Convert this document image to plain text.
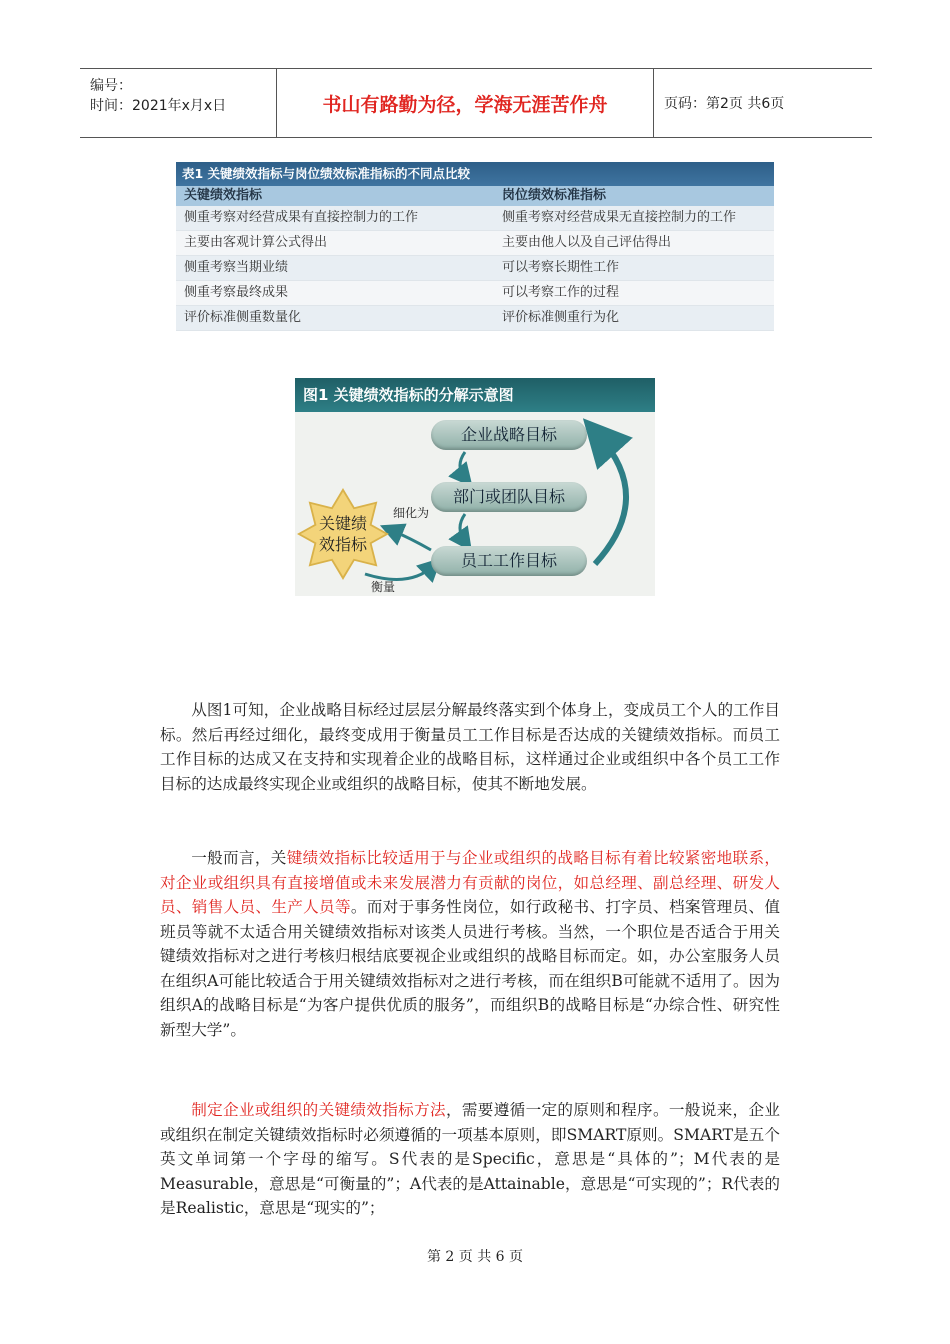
编号：
时间：2021年x月x日	书山有路勤为径，学海无涯苦作舟	页码：第2页 共6页
表1 关键绩效指标与岗位绩效标准指标的不同点比较
关键绩效指标	岗位绩效标准指标
侧重考察对经营成果有直接控制力的工作	侧重考察对经营成果无直接控制力的工作
主要由客观计算公式得出	主要由他人以及自己评估得出
侧重考察当期业绩	可以考察长期性工作
侧重考察最终成果	可以考察工作的过程
评价标准侧重数量化	评价标准侧重行为化
图1 关键绩效指标的分解示意图
企业战略目标
部门或团队目标
员工工作目标
关键绩
效指标
细化为
衡量

从图1可知，企业战略目标经过层层分解最终落实到个体身上，变成员工个人的工作目标。然后再经过细化，最终变成用于衡量员工工作目标是否达成的关键绩效指标。而员工工作目标的达成又在支持和实现着企业的战略目标，这样通过企业或组织中各个员工工作目标的达成最终实现企业或组织的战略目标，使其不断地发展。

一般而言，关键绩效指标比较适用于与企业或组织的战略目标有着比较紧密地联系，对企业或组织具有直接增值或未来发展潜力有贡献的岗位，如总经理、副总经理、研发人员、销售人员、生产人员等。而对于事务性岗位，如行政秘书、打字员、档案管理员、值班员等就不太适合用关键绩效指标对该类人员进行考核。当然，一个职位是否适合于用关键绩效指标对之进行考核归根结底要视企业或组织的战略目标而定。如，办公室服务人员在组织A可能比较适合于用关键绩效指标对之进行考核，而在组织B可能就不适用了。因为组织A的战略目标是“为客户提供优质的服务”，而组织B的战略目标是“办综合性、研究性新型大学”。

制定企业或组织的关键绩效指标方法，需要遵循一定的原则和程序。一般说来，企业或组织在制定关键绩效指标时必须遵循的一项基本原则，即SMART原则。SMART是五个英文单词第一个字母的缩写。S代表的是Specific，意思是“具体的”；M代表的是Measurable，意思是“可衡量的”；A代表的是Attainable，意思是“可实现的”；R代表的是Realistic，意思是“现实的”；

第 2 页 共 6 页
